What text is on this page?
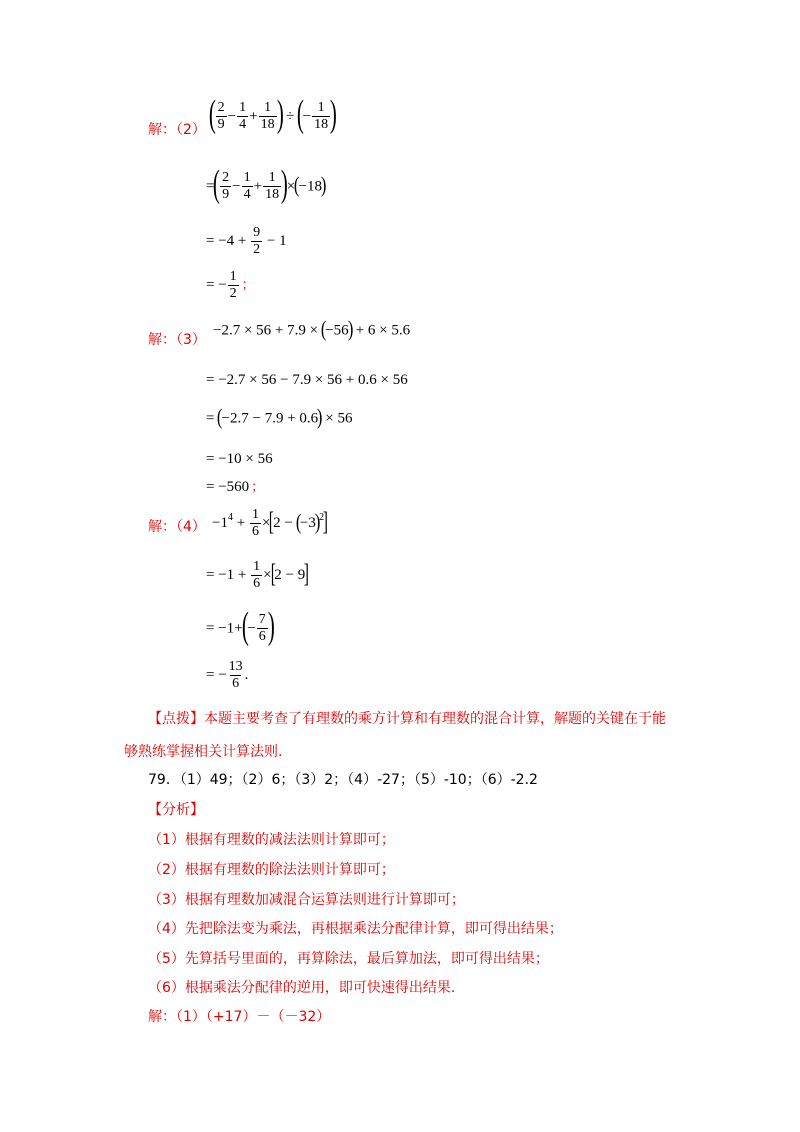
解：（2） ( $\frac{2}{9} - \frac{1}{4} + \frac{1}{18}$ ) ÷ (− $\frac{1}{18}$ )
=( $\frac{2}{9} - \frac{1}{4} + \frac{1}{18} )\times(-18)$
= $-4 + \frac{9}{2} - 1$
= − $\frac{1}{2}$ ；
−2.7 × 56 + 7.9 × (−56) + 6 × 5.6
解：（3）
= −2.7 × 56 − 7.9 × 56 + 0.6 × 56
= (−2.7 − 7.9 + 0.6) × 56
= −10 × 56
= −560 ；
解：$(4) -1^4 + \frac{1}{6} \times[2 - (-3)^2]$
= $-1 + \frac{1}{6} \times[2 - 9]$
= $-1+(- \frac{7}{6}$ )
= − $\frac{13}{6}$ .
【点拨】本题主要考查了有理数的乘方计算和有理数的混合计算，解题的关键在于能
够熟练掌握相关计算法则.
79．（1）49；（2）6；（3）2；（4）-27；（5）-10；（6）-2.2
【分析】
（1）根据有理数的减法法则计算即可；
（2）根据有理数的除法法则计算即可；
（3）根据有理数加减混合运算法则进行计算即可；
（4）先把除法变为乘法，再根据乘法分配律计算，即可得出结果；
（5）先算括号里面的，再算除法，最后算加法，即可得出结果；
（6）根据乘法分配律的逆用，即可快速得出结果.
解：（1）（+17）－（－32）
